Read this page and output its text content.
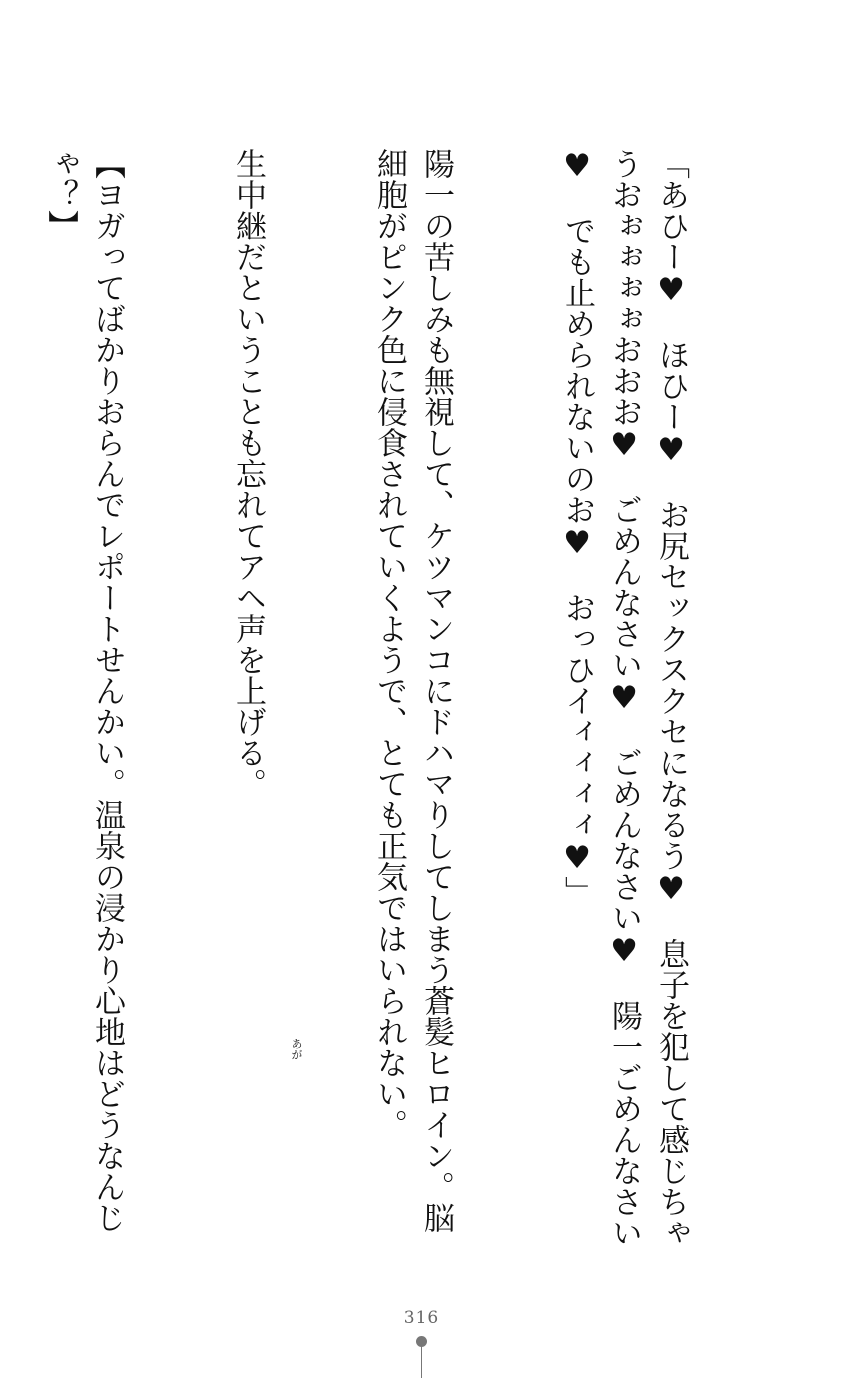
「あひー♥　ほひー♥　お尻セックスクセになるう♥　息子を犯して感じちゃうおぉぉぉぉおおお♥　ごめんなさい♥　ごめんなさい♥　陽一ごめんなさい♥　でも止められないのお♥　おっひイィィィィ♥」

陽一の苦しみも無視して、ケツマンコにドハマりしてしまう蒼髪ヒロイン。脳細胞がピンク色に侵食されていくようで、とても正気ではいられない。

生中継だということも忘れてアヘ声を上げる。

【ヨガってばかりおらんでレポートせんかい。温泉の浸かり心地はどうなんじゃ？】

あが
316
